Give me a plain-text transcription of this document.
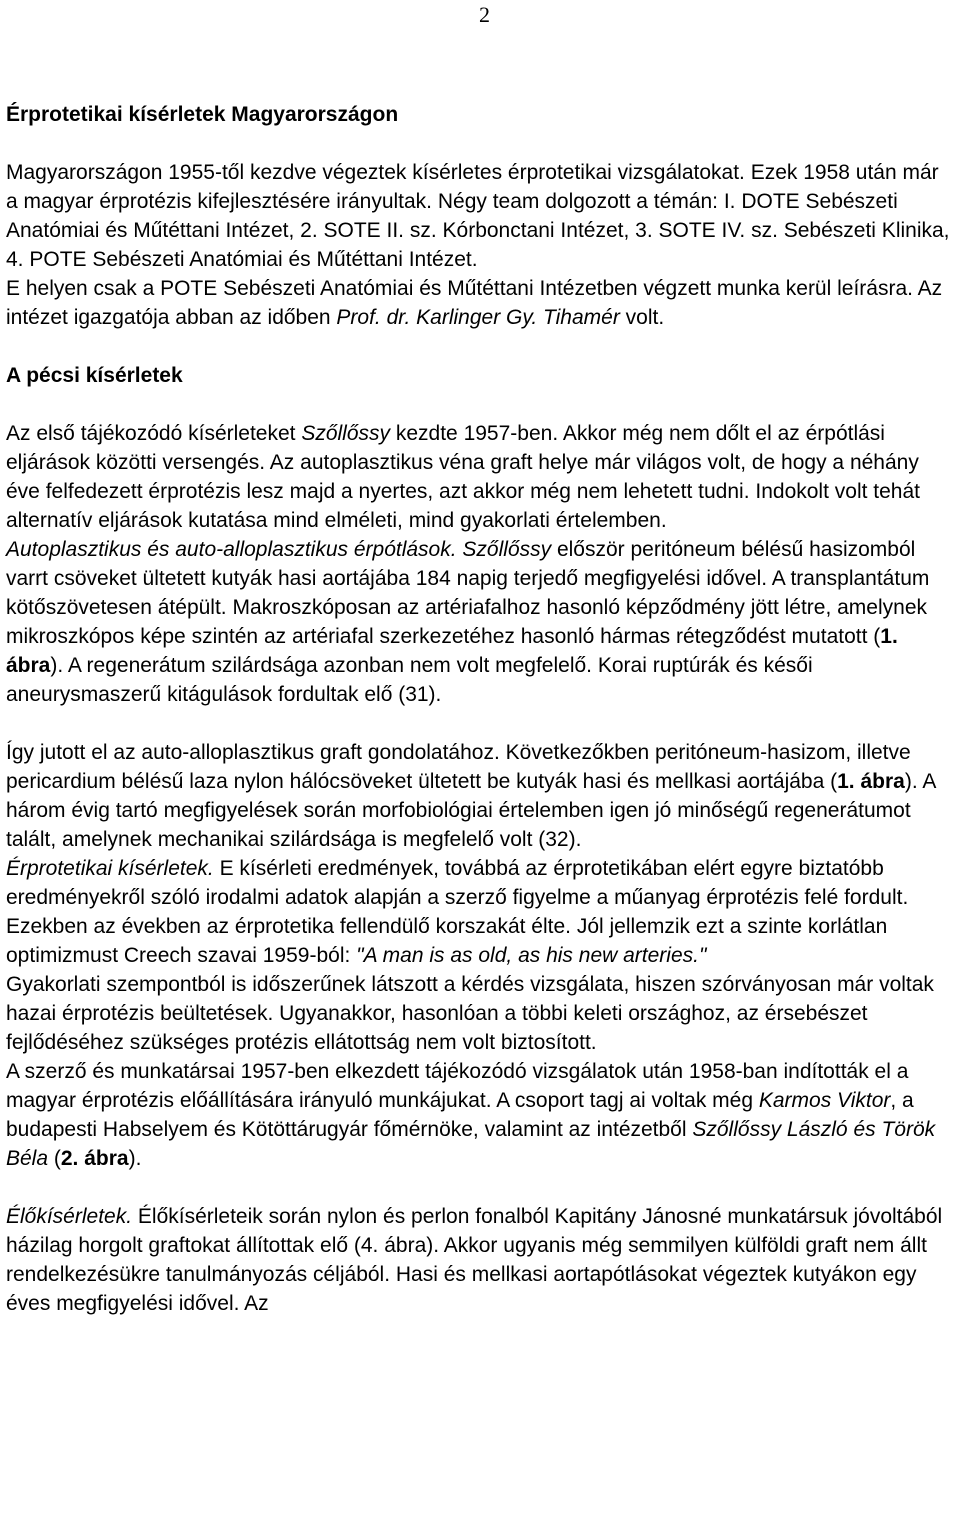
2
Érprotetikai kísérletek Magyarországon

Magyarországon 1955-től kezdve végeztek kísérletes érprotetikai vizsgálatokat. Ezek 1958 után már a magyar érprotézis kifejlesztésére irányultak. Négy team dolgozott a témán: I. DOTE Sebészeti Anatómiai és Műtéttani Intézet, 2. SOTE II. sz. Kórbonctani Intézet, 3. SOTE IV. sz. Sebészeti Klinika, 4. POTE Sebészeti Anatómiai és Műtéttani Intézet.

E helyen csak a POTE Sebészeti Anatómiai és Műtéttani Intézetben végzett munka kerül leírásra. Az intézet igazgatója abban az időben Prof. dr. Karlinger Gy. Tihamér volt.

A pécsi kísérletek

Az első tájékozódó kísérleteket Szőllőssy kezdte 1957-ben. Akkor még nem dőlt el az érpótlási eljárások közötti versengés. Az autoplasztikus véna graft helye már világos volt, de hogy a néhány éve felfedezett érprotézis lesz majd a nyertes, azt akkor még nem lehetett tudni. Indokolt volt tehát alternatív eljárások kutatása mind elméleti, mind gyakorlati értelemben.

Autoplasztikus és auto-alloplasztikus érpótlások. Szőllőssy először peritóneum bélésű hasizomból varrt csöveket ültetett kutyák hasi aortájába 184 napig terjedő megfigyelési idővel. A transplantátum kötőszövetesen átépült. Makroszkóposan az artériafalhoz hasonló képződmény jött létre, amelynek mikroszkópos képe szintén az artériafal szerkezetéhez hasonló hármas rétegződést mutatott (1. ábra). A regenerátum szilárdsága azonban nem volt megfelelő. Korai ruptúrák és késői aneurysmaszerű kitágulások fordultak elő (31).

Így jutott el az auto-alloplasztikus graft gondolatához. Következőkben peritóneum-hasizom, illetve pericardium bélésű laza nylon hálócsöveket ültetett be kutyák hasi és mellkasi aortájába (1. ábra). A három évig tartó megfigyelések során morfobiológiai értelemben igen jó minőségű regenerátumot talált, amelynek mechanikai szilárdsága is megfelelő volt (32).

Érprotetikai kísérletek. E kísérleti eredmények, továbbá az érprotetikában elért egyre biztatóbb eredményekről szóló irodalmi adatok alapján a szerző figyelme a műanyag érprotézis felé fordult. Ezekben az években az érprotetika fellendülő korszakát élte. Jól jellemzik ezt a szinte korlátlan optimizmust Creech szavai 1959-ból: "A man is as old, as his new arteries."

Gyakorlati szempontból is időszerűnek látszott a kérdés vizsgálata, hiszen szórványosan már voltak hazai érprotézis beültetések. Ugyanakkor, hasonlóan a többi keleti országhoz, az érsebészet fejlődéséhez szükséges protézis ellátottság nem volt biztosított.

A szerző és munkatársai 1957-ben elkezdett tájékozódó vizsgálatok után 1958-ban indították el a magyar érprotézis előállítására irányuló munkájukat. A csoport tagj ai voltak még Karmos Viktor, a budapesti Habselyem és Kötöttárugyár főmérnöke, valamint az intézetből Szőllőssy László és Török Béla (2. ábra).

Élőkísérletek. Élőkísérleteik során nylon és perlon fonalból Kapitány Jánosné munkatársuk jóvoltából házilag horgolt graftokat állítottak elő (4. ábra). Akkor ugyanis még semmilyen külföldi graft nem állt rendelkezésükre tanulmányozás céljából. Hasi és mellkasi aortapótlásokat végeztek kutyákon egy éves megfigyelési idővel. Az
